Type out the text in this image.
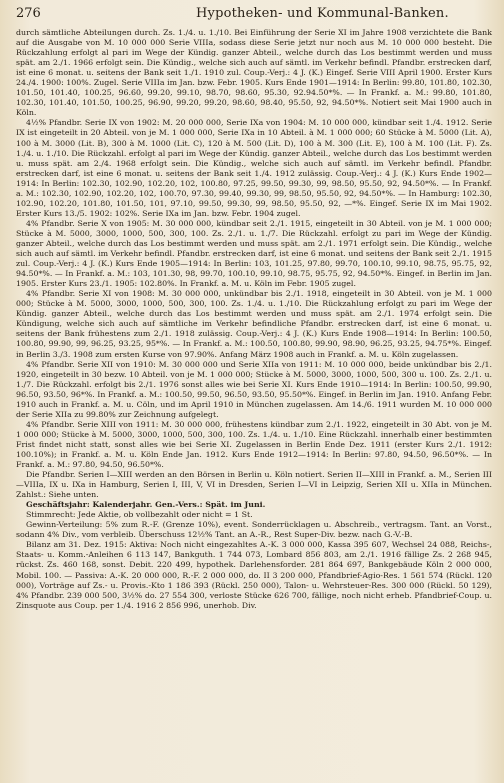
276	Hypotheken- und Kommunal-Banken.

durch sämtliche Abteilungen durch. Zs. 1./4. u. 1./10. Bei Einführung der Serie XI im Jahre 1908 verzichtete die Bank auf die Ausgabe von M. 10 000 000 Serie VIIIa, sodass diese Serie jetzt nur noch aus M. 10 000 000 besteht. Die Rückzahlung erfolgt al pari im Wege der Kündig. ganzer Abteil., welche durch das Los bestimmt werden und muss spät. am 2./1. 1966 erfolgt sein. Die Kündig., welche sich auch auf sämtl. im Verkehr befindl. Pfandbr. erstrecken darf, ist eine 6 monat. u. seitens der Bank seit 1./1. 1910 zul. Coup.-Verj.: 4 J. (K.) Eingef. Serie VIII April 1900. Erster Kurs 24./4. 1900: 100%. Zugel. Serie VIIIa im Jan. bzw. Febr. 1905. Kurs Ende 1901—1914: In Berlin: 99.80, 101.80, 102.30, 101.50, 101.40, 100.25, 96.60, 99.20, 99.10, 98.70, 98.60, 95.30, 92.94.50*%. — In Frankf. a. M.: 99.80, 101.80, 102.30, 101.40, 101.50, 100.25, 96.90, 99.20, 99.20, 98.60, 98.40, 95.50, 92, 94.50*%. Notiert seit Mai 1900 auch in Köln.

4½% Pfandbr. Serie IX von 1902: M. 20 000 000, Serie IXa von 1904: M. 10 000 000, kündbar seit 1./4. 1912. Serie IX ist eingeteilt in 20 Abteil. von je M. 1 000 000, Serie IXa in 10 Abteil. à M. 1 000 000; 60 Stücke à M. 5000 (Lit. A), 100 à M. 3000 (Lit. B), 300 à M. 1000 (Lit. C), 120 à M. 500 (Lit. D), 100 à M. 300 (Lit. E), 100 à M. 100 (Lit. F). Zs. 1./4. u. 1./10. Die Rückzahl. erfolgt al pari im Wege der Kündig. ganzer Abteil., welche durch das Los bestimmt werden u. muss spät. am 2./4. 1968 erfolgt sein. Die Kündig., welche sich auch auf sämtl. im Verkehr befindl. Pfandbr. erstrecken darf, ist eine 6 monat. u. seitens der Bank seit 1./4. 1912 zulässig. Coup.-Verj.: 4 J. (K.) Kurs Ende 1902—1914: In Berlin: 102.30, 102.90, 102.20, 102, 100.80, 97.25, 99.50, 99.30, 99, 98.50, 95.50, 92, 94.50*%. — In Frankf. a. M.: 102.30, 102.90, 102.20, 102, 100.70, 97.30, 99.40, 99.30, 99, 98.50, 95.50, 92, 94.50*%. — In Hamburg: 102.30, 102.90, 102.20, 101.80, 101.50, 101, 97.10, 99.50, 99.30, 99, 98.50, 95.50, 92, —*%. Eingef. Serie IX im Mai 1902. Erster Kurs 13./5. 1902: 102%. Serie IXa im Jan. bzw. Febr. 1904 zugel.

4% Pfandbr. Serie X von 1905: M. 30 000 000, kündbar seit 2./1. 1915, eingeteilt in 30 Abteil. von je M. 1 000 000; Stücke à M. 5000, 3000, 1000, 500, 300, 100. Zs. 2./1. u. 1./7. Die Rückzahl. erfolgt zu pari im Wege der Kündig. ganzer Abteil., welche durch das Los bestimmt werden und muss spät. am 2./1. 1971 erfolgt sein. Die Kündig., welche sich auch auf sämtl. im Verkehr befindl. Pfandbr. erstrecken darf, ist eine 6 monat. und seitens der Bank seit 2./1. 1915 zul. Coup.-Verj.: 4 J. (K.) Kurs Ende 1905—1914: In Berlin: 103, 101.25, 97.80, 99.70, 100.10, 99.10, 98.75, 95.75, 92, 94.50*%. — In Frankf. a. M.: 103, 101.30, 98, 99.70, 100.10, 99.10, 98.75, 95.75, 92, 94.50*%. Eingef. in Berlin im Jan. 1905. Erster Kurs 23./1. 1905: 102.80%. In Frankf. a. M. u. Köln im Febr. 1905 zugel.

4% Pfandbr. Serie XI von 1908: M. 30 000 000, unkündbar bis 2./1. 1918, eingeteilt in 30 Abteil. von je M. 1 000 000; Stücke à M. 5000, 3000, 1000, 500, 300, 100. Zs. 1./4. u. 1./10. Die Rückzahlung erfolgt zu pari im Wege der Kündig. ganzer Abteil., welche durch das Los bestimmt werden und muss spät. am 2./1. 1974 erfolgt sein. Die Kündigung, welche sich auch auf sämtliche im Verkehr befindliche Pfandbr. erstrecken darf, ist eine 6 monat. u. seitens der Bank frühestens zum 2./1. 1918 zulässig. Coup.-Verj.: 4 J. (K.) Kurs Ende 1908—1914: In Berlin: 100.50, 100.80, 99.90, 99, 96.25, 93.25, 95*%. — In Frankf. a. M.: 100.50, 100.80, 99.90, 98.90, 96.25, 93.25, 94.75*%. Eingef. in Berlin 3./3. 1908 zum ersten Kurse von 97.90%. Anfang März 1908 auch in Frankf. a. M. u. Köln zugelassen.

4% Pfandbr. Serie XII von 1910: M. 30 000 000 und Serie XIIa von 1911: M. 10 000 000, beide unkündbar bis 2./1. 1920, eingeteilt in 30 bezw. 10 Abteil. von je M. 1 000 000; Stücke à M. 5000, 3000, 1000, 500, 300 u. 100. Zs. 2./1. u. 1./7. Die Rückzahl. erfolgt bis 2./1. 1976 sonst alles wie bei Serie XI. Kurs Ende 1910—1914: In Berlin: 100.50, 99.90, 96.50, 93.50, 96*%. In Frankf. a. M.: 100.50, 99.50, 96.50, 93.50, 95.50*%. Eingef. in Berlin im Jan. 1910. Anfang Febr. 1910 auch in Frankf. a. M. u. Cöln, und im April 1910 in München zugelassen. Am 14./6. 1911 wurden M. 10 000 000 der Serie XIIa zu 99.80% zur Zeichnung aufgelegt.

4% Pfandbr. Serie XIII von 1911: M. 30 000 000, frühestens kündbar zum 2./1. 1922, eingeteilt in 30 Abt. von je M. 1 000 000; Stücke à M. 5000, 3000, 1000, 500, 300, 100. Zs. 1./4. u. 1./10. Eine Rückzahl. innerhalb einer bestimmten Frist findet nicht statt, sonst alles wie bei Serie XI. Zugelassen in Berlin Ende Dez. 1911 (erster Kurs 2./1. 1912: 100.10%); in Frankf. a. M. u. Köln Ende Jan. 1912. Kurs Ende 1912—1914: In Berlin: 97.80, 94.50, 96.50*%. — In Frankf. a. M.: 97.80, 94.50, 96.50*%.

Die Pfandbr. Serien I—XIII werden an den Börsen in Berlin u. Köln notiert. Serien II—XIII in Frankf. a. M., Serien III—VIIIa, IX u. IXa in Hamburg, Serien I, III, V, VI in Dresden, Serien I—VI in Leipzig, Serien XII u. XIIa in München. Zahlst.: Siehe unten.

Geschäftsjahr: Kalenderjahr. Gen.-Vers.: Spät. im Juni.

Stimmrecht: Jede Aktie, ob vollbezahlt oder nicht = 1 St.

Gewinn-Verteilung: 5% zum R.-F. (Grenze 10%), event. Sonderrücklagen u. Abschreib., vertragsm. Tant. an Vorst., sodann 4% Div., vom verbleib. Überschuss 12½% Tant. an A.-R., Rest Super-Div. bezw. nach G.-V.-B.

Bilanz am 31. Dez. 1915: Aktiva: Noch nicht eingezahltes A.-K. 3 000 000, Kassa 395 607, Wechsel 24 088, Reichs-, Staats- u. Komm.-Anleihen 6 113 147, Bankguth. 1 744 073, Lombard 856 803, am 2./1. 1916 fällige Zs. 2 268 945, rückst. Zs. 460 168, sonst. Debit. 220 499, hypothek. Darlehensforder. 281 864 697, Bankgebäude Köln 2 000 000, Mobil. 100. — Passiva: A.-K. 20 000 000, R.-F. 2 000 000, do. II 3 200 000, Pfandbrief-Agio-Res. 1 561 574 (Rückl. 120 000), Vorträge auf Zs.- u. Provis.-Kto 1 186 393 (Rückl. 250 000), Talon- u. Wehrsteuer-Res. 300 000 (Rückl. 50 129), 4% Pfandbr. 239 000 500, 3½% do. 27 554 300, verloste Stücke 626 700, fällige, noch nicht erheb. Pfandbrief-Coup. u. Zinsquote aus Coup. per 1./4. 1916 2 856 996, unerhob. Div.
